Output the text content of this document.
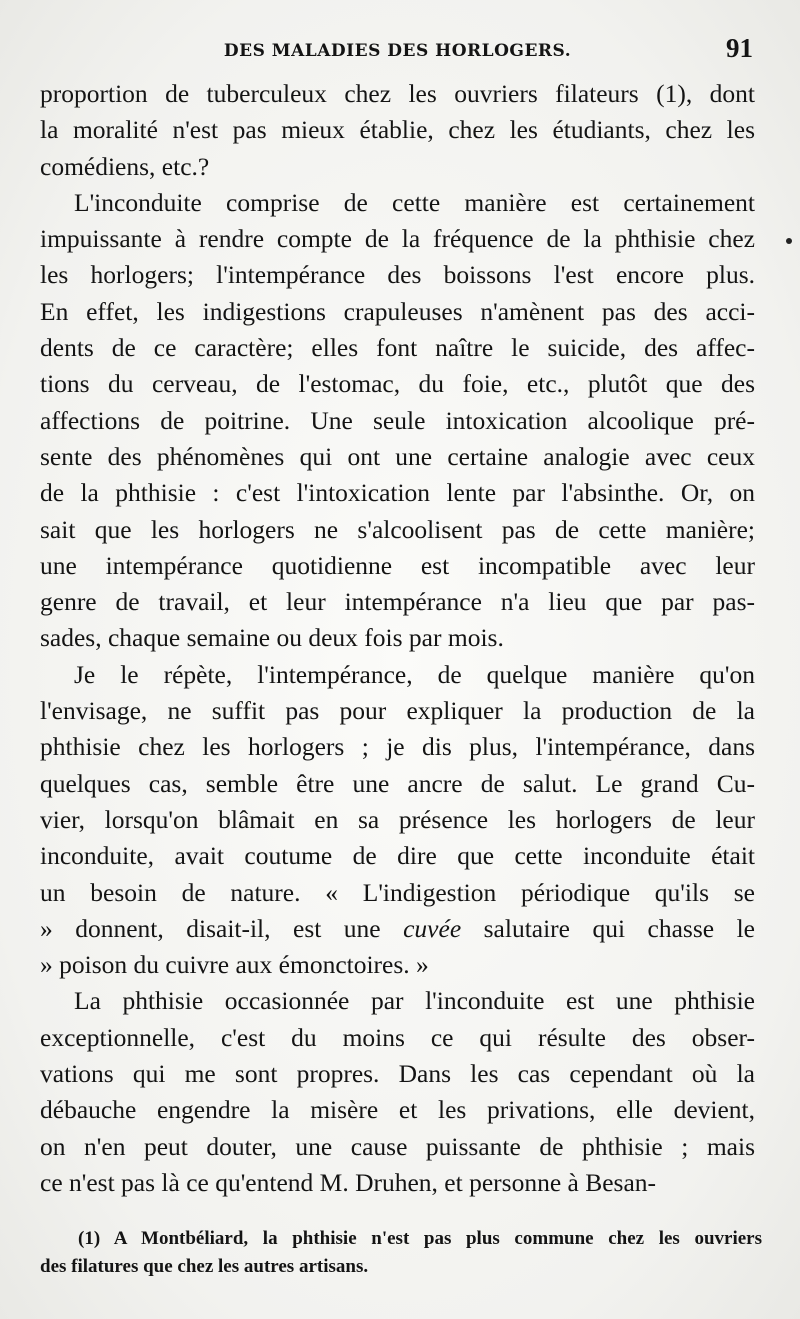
DES MALADIES DES HORLOGERS.	91
proportion de tuberculeux chez les ouvriers filateurs (1), dont
la moralité n'est pas mieux établie, chez les étudiants, chez les
comédiens, etc.?
L'inconduite comprise de cette manière est certainement
impuissante à rendre compte de la fréquence de la phthisie chez
les horlogers; l'intempérance des boissons l'est encore plus.
En effet, les indigestions crapuleuses n'amènent pas des acci-
dents de ce caractère; elles font naître le suicide, des affec-
tions du cerveau, de l'estomac, du foie, etc., plutôt que des
affections de poitrine. Une seule intoxication alcoolique pré-
sente des phénomènes qui ont une certaine analogie avec ceux
de la phthisie : c'est l'intoxication lente par l'absinthe. Or, on
sait que les horlogers ne s'alcoolisent pas de cette manière;
une intempérance quotidienne est incompatible avec leur
genre de travail, et leur intempérance n'a lieu que par pas-
sades, chaque semaine ou deux fois par mois.
Je le répète, l'intempérance, de quelque manière qu'on
l'envisage, ne suffit pas pour expliquer la production de la
phthisie chez les horlogers ; je dis plus, l'intempérance, dans
quelques cas, semble être une ancre de salut. Le grand Cu-
vier, lorsqu'on blâmait en sa présence les horlogers de leur
inconduite, avait coutume de dire que cette inconduite était
un besoin de nature. « L'indigestion périodique qu'ils se
» donnent, disait-il, est une cuvée salutaire qui chasse le
» poison du cuivre aux émonctoires. »
La phthisie occasionnée par l'inconduite est une phthisie
exceptionnelle, c'est du moins ce qui résulte des obser-
vations qui me sont propres. Dans les cas cependant où la
débauche engendre la misère et les privations, elle devient,
on n'en peut douter, une cause puissante de phthisie ; mais
ce n'est pas là ce qu'entend M. Druhen, et personne à Besan-
(1) A Montbéliard, la phthisie n'est pas plus commune chez les ouvriers
des filatures que chez les autres artisans.
